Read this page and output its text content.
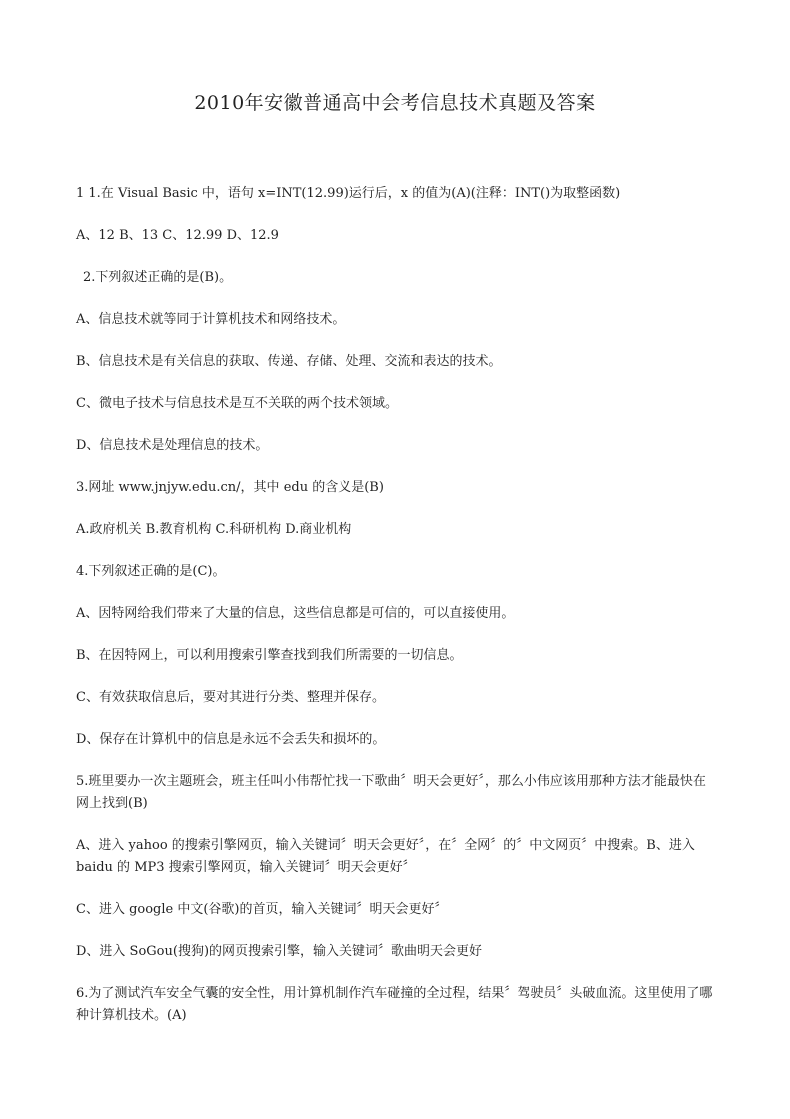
2010年安徽普通高中会考信息技术真题及答案

1 1.在 Visual Basic 中，语句 x=INT(12.99)运行后，x 的值为(A)(注释：INT()为取整函数)

A、12 B、13 C、12.99 D、12.9

2.下列叙述正确的是(B)。

A、信息技术就等同于计算机技术和网络技术。

B、信息技术是有关信息的获取、传递、存储、处理、交流和表达的技术。

C、微电子技术与信息技术是互不关联的两个技术领域。

D、信息技术是处理信息的技术。

3.网址 www.jnjyw.edu.cn/，其中 edu 的含义是(B)

A.政府机关 B.教育机构 C.科研机构 D.商业机构

4.下列叙述正确的是(C)。

A、因特网给我们带来了大量的信息，这些信息都是可信的，可以直接使用。

B、在因特网上，可以利用搜索引擎查找到我们所需要的一切信息。

C、有效获取信息后，要对其进行分类、整理并保存。

D、保存在计算机中的信息是永远不会丢失和损坏的。

5.班里要办一次主题班会，班主任叫小伟帮忙找一下歌曲〞明天会更好〞，那么小伟应该用那种方法才能最快在网上找到(B)

A、进入 yahoo 的搜索引擎网页，输入关键词〞明天会更好〞，在〞全网〞的〞中文网页〞中搜索。B、进入 baidu 的 MP3 搜索引擎网页，输入关键词〞明天会更好〞

C、进入 google 中文(谷歌)的首页，输入关键词〞明天会更好〞

D、进入 SoGou(搜狗)的网页搜索引擎，输入关键词〞歌曲明天会更好

6.为了测试汽车安全气囊的安全性，用计算机制作汽车碰撞的全过程，结果〞驾驶员〞头破血流。这里使用了哪种计算机技术。(A)
